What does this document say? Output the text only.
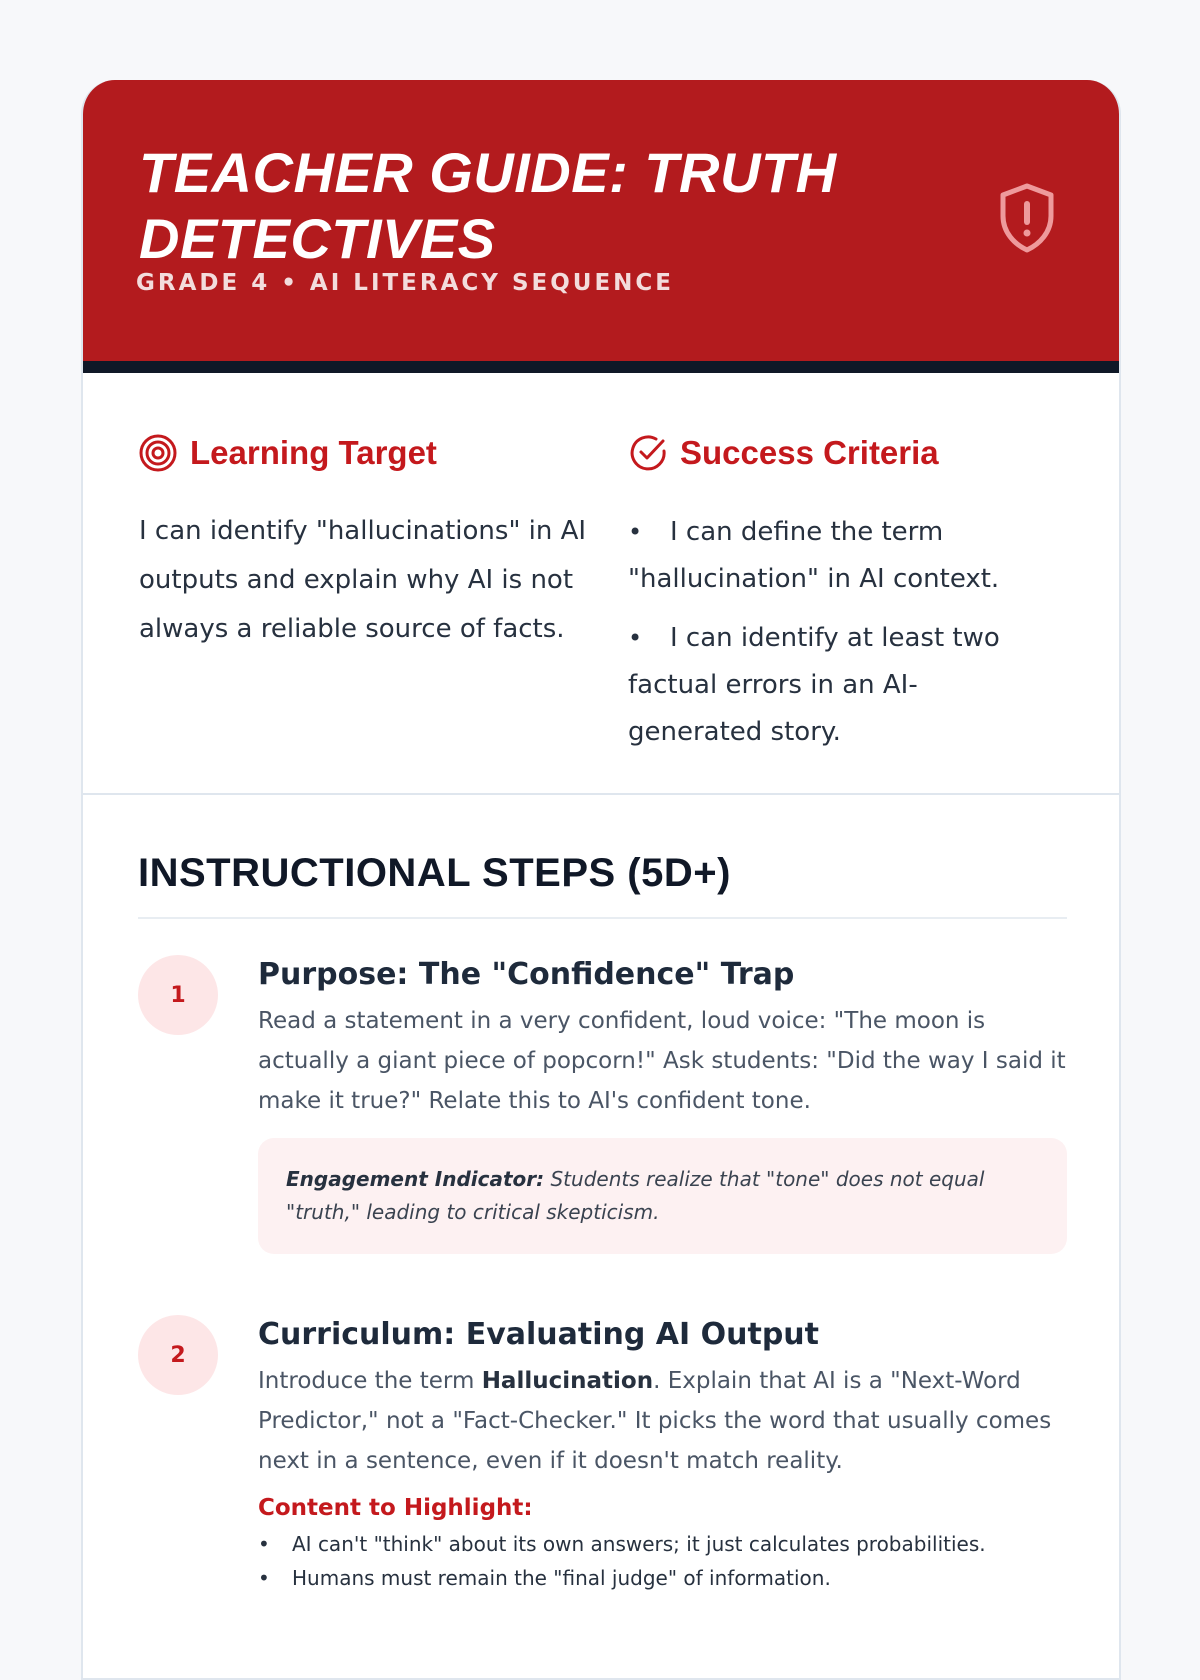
TEACHER GUIDE: TRUTH DETECTIVES
GRADE 4 • AI LITERACY SEQUENCE
Learning Target
I can identify "hallucinations" in AI outputs and explain why AI is not always a reliable source of facts.
Success Criteria
• I can define the term "hallucination" in AI context.
• I can identify at least two factual errors in an AI-generated story.
INSTRUCTIONAL STEPS (5D+)
1
Purpose: The "Confidence" Trap
Read a statement in a very confident, loud voice: "The moon is actually a giant piece of popcorn!" Ask students: "Did the way I said it make it true?" Relate this to AI's confident tone.
Engagement Indicator: Students realize that "tone" does not equal "truth," leading to critical skepticism.
2
Curriculum: Evaluating AI Output
Introduce the term Hallucination. Explain that AI is a "Next-Word Predictor," not a "Fact-Checker." It picks the word that usually comes next in a sentence, even if it doesn't match reality.
Content to Highlight:
• AI can't "think" about its own answers; it just calculates probabilities.
• Humans must remain the "final judge" of information.
